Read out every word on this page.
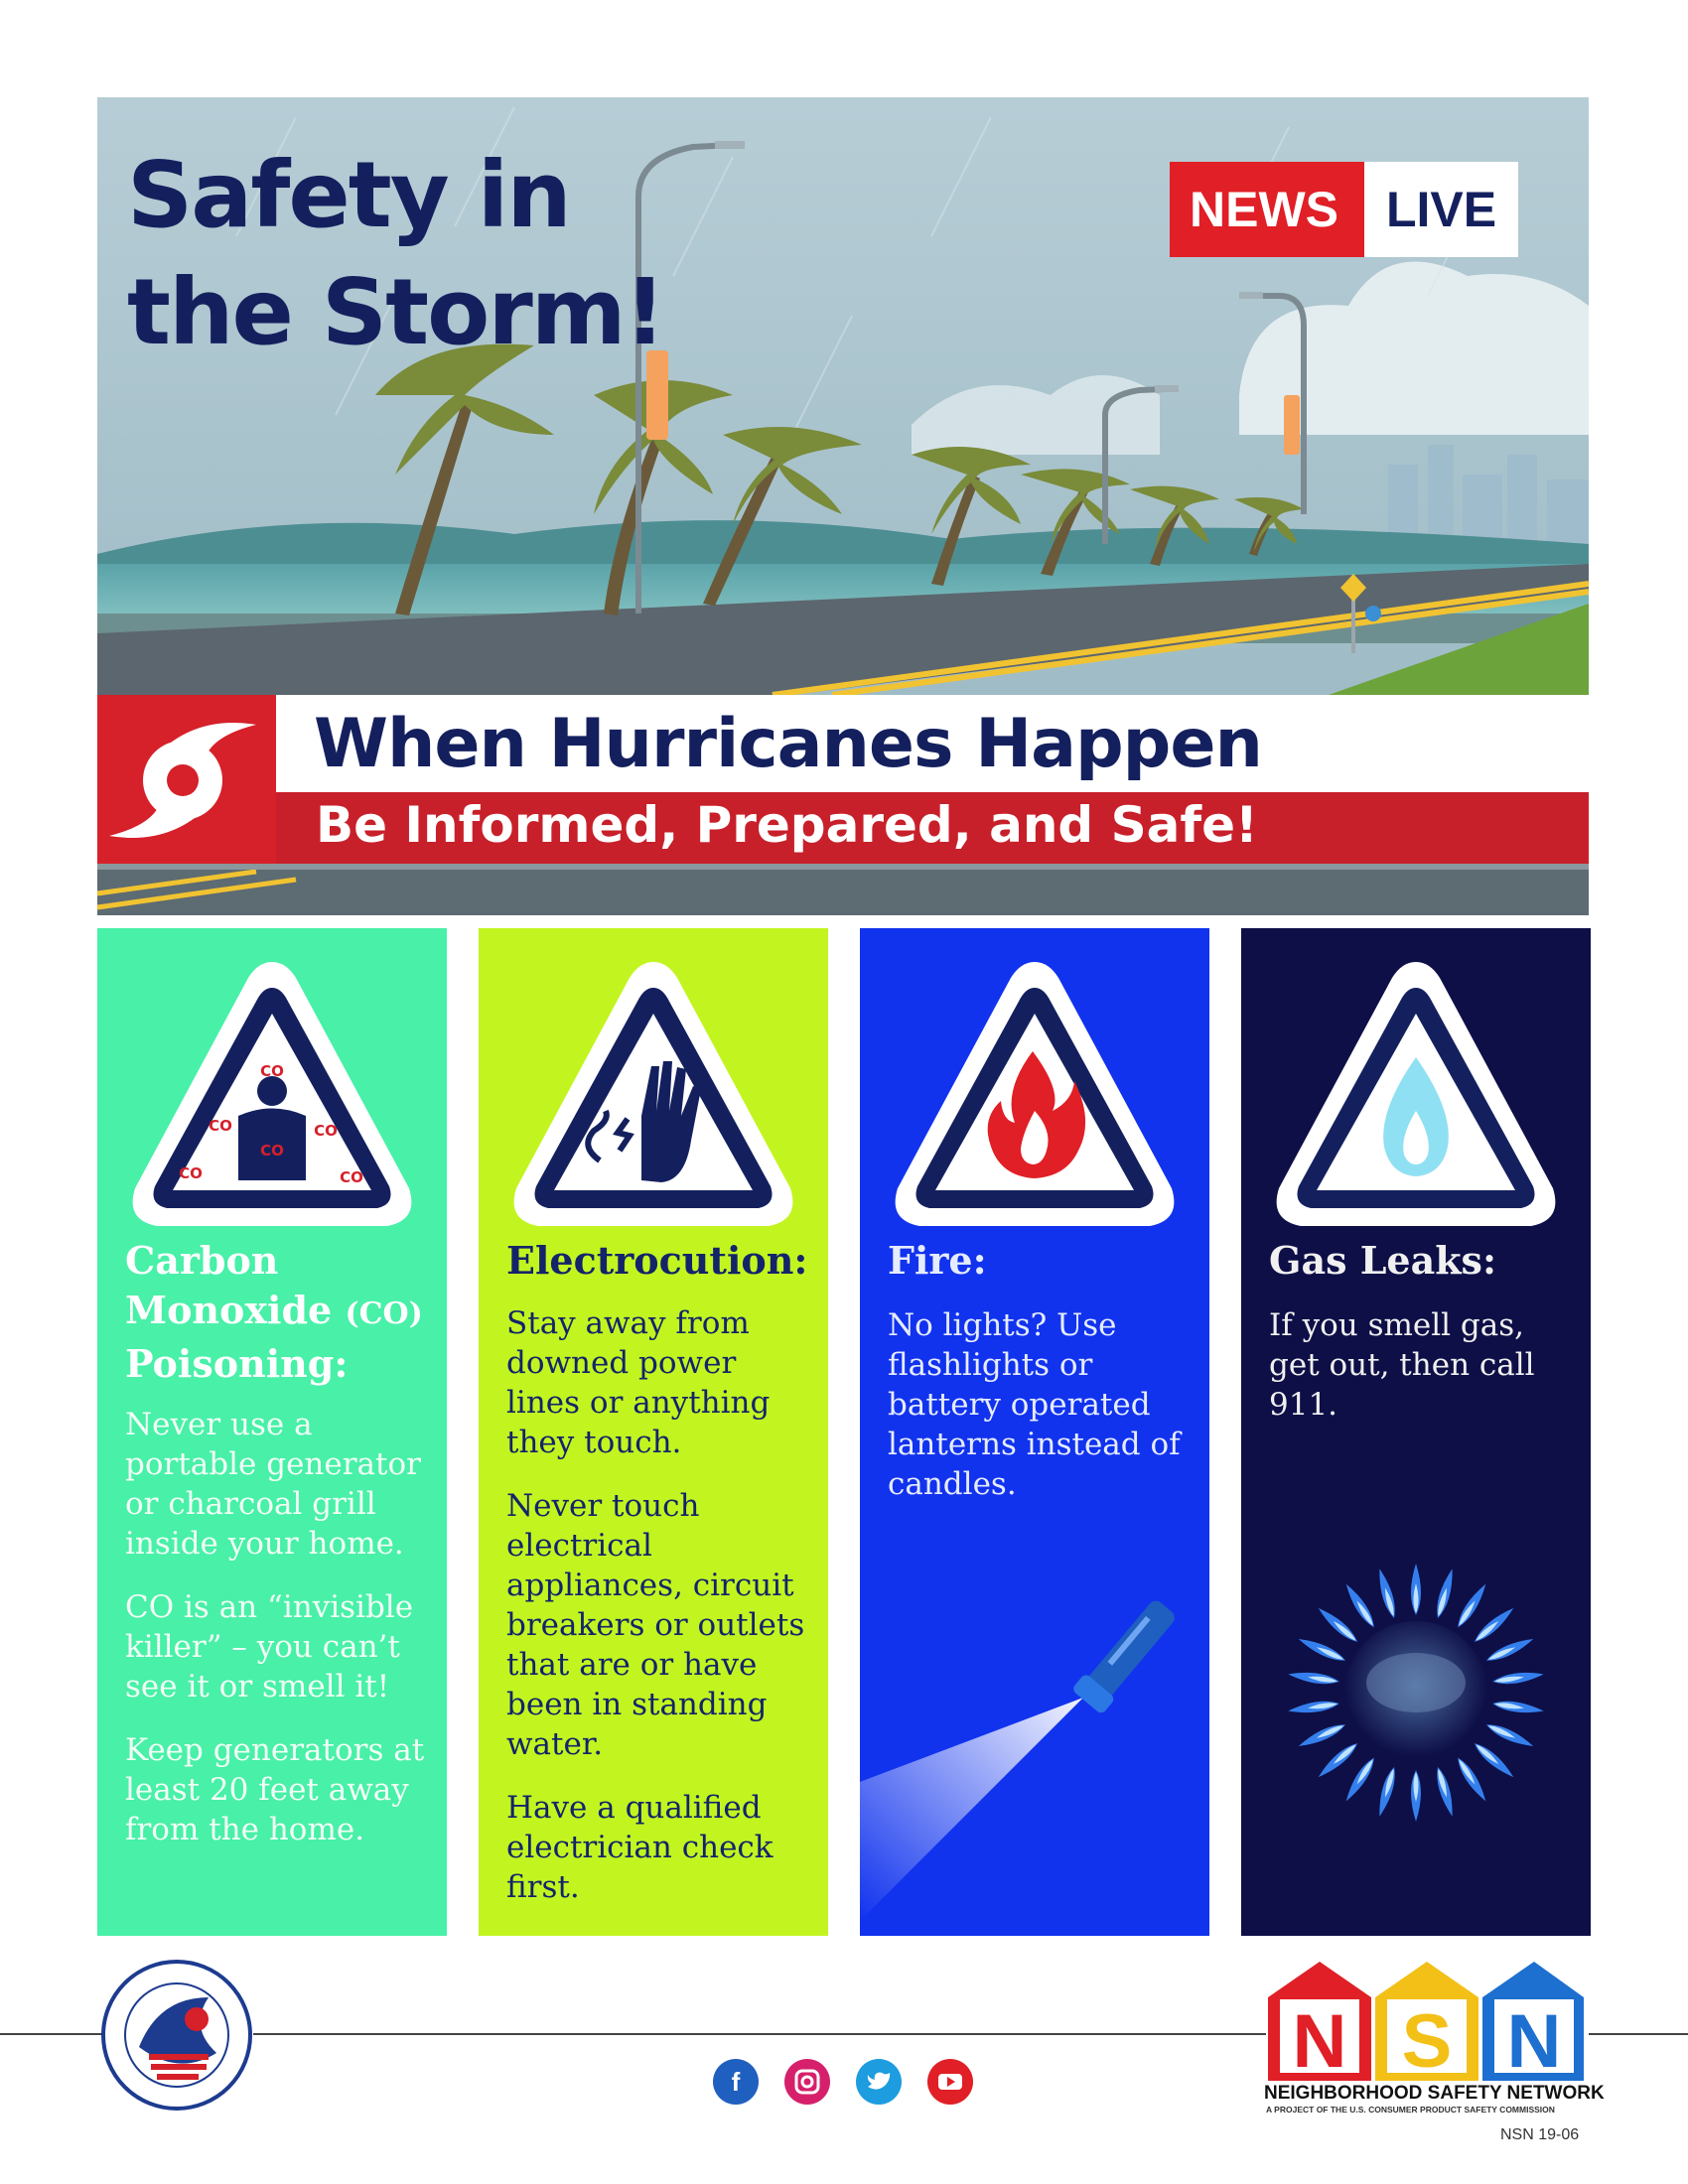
Safety in
the Storm!
NEWS LIVE
When Hurricanes Happen
Be Informed, Prepared, and Safe!
CO
CO	CO
CO
CO	CO
Carbon
Monoxide (CO)
Poisoning:

Never use a portable generator or charcoal grill inside your home.

CO is an “invisible killer” – you can’t see it or smell it!

Keep generators at least 20 feet away from the home.

Electrocution:

Stay away from downed power lines or anything they touch.

Never touch electrical appliances, circuit breakers or outlets that are or have been in standing water.

Have a qualified electrician check first.

Fire:

No lights? Use flashlights or battery operated lanterns instead of candles.

Gas Leaks:

If you smell gas, get out, then call 911.

f	N S N
NEIGHBORHOOD SAFETY NETWORK
A PROJECT OF THE U.S. CONSUMER PRODUCT SAFETY COMMISSION
NSN 19-06
